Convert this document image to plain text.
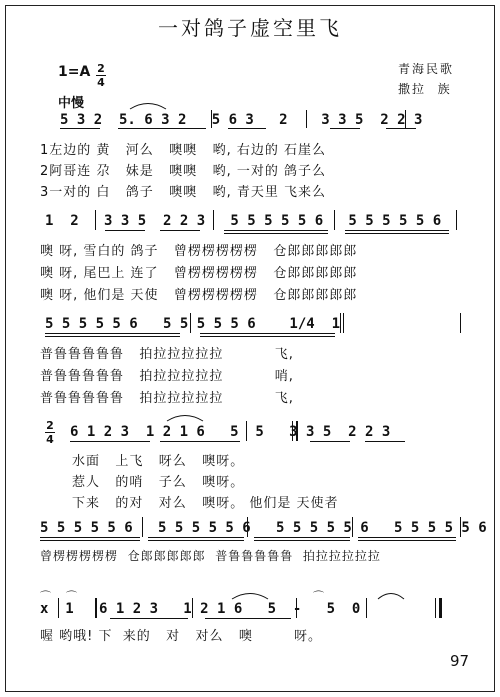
一对鸽子虚空里飞
青海民歌
撒拉  族
1=A 2
4
中慢
5 3 2  5. 6 3 2   5 6 3   2    3 3 5  2 2 3
1左边的 黄   河么   噢噢   哟, 右边的 石崖么
2阿哥连 尕   妹是   噢噢   哟, 一对的 鸽子么
3一对的 白   鸽子   噢噢   哟, 青天里 飞来么
1  2   3 3 5  2 2 3   5 5 5 5 5 6   5 5 5 5 5 6
噢 呀, 雪白的 鸽子   曾楞楞楞楞楞   仓郎郎郎郎郎
噢 呀, 尾巴上 连了   曾楞楞楞楞楞   仓郎郎郎郎郎
噢 呀, 他们是 天使   曾楞楞楞楞楞   仓郎郎郎郎郎
5 5 5 5 5 6   5 5 5 5 5 6    1/4  1
普鲁鲁鲁鲁鲁   拍拉拉拉拉拉          飞,
普鲁鲁鲁鲁鲁   拍拉拉拉拉拉          哨,
普鲁鲁鲁鲁鲁   拍拉拉拉拉拉          飞,
2
4 6 1 2 3  1 2 1 6   5  5   3 3 5  2 2 3
水面   上飞   呀么   噢呀。
惹人   的哨   子么   噢呀。
下来   的对   对么   噢呀。 他们是 天使者
5 5 5 5 5 6   5 5 5 5 5 6   5 5 5 5 5 6   5 5 5 5 5 6
曾楞楞楞楞楞  仓郎郎郎郎郎  普鲁鲁鲁鲁鲁  拍拉拉拉拉拉
x  1   6 1 2 3   1 2 1 6   5  -   5  0
⌒ ⌒	⌒
喔 哟哦! 下  来的   对   对么   噢        呀。
97
